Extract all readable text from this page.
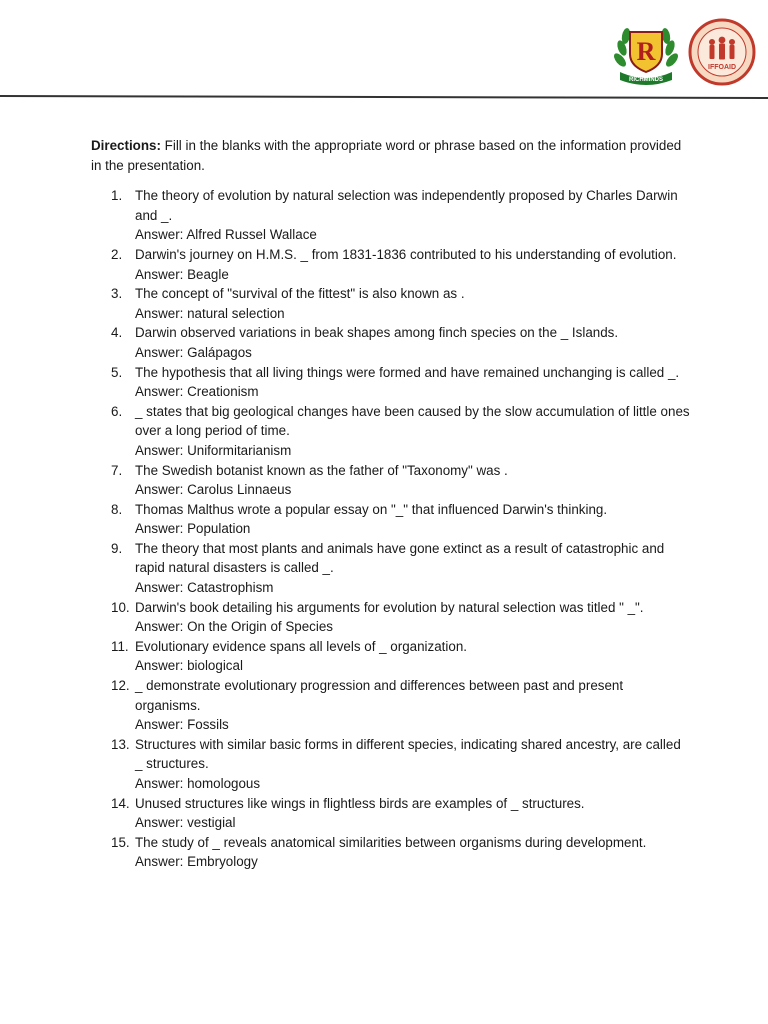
R
RICHMINDS
IFFOAID

Directions: Fill in the blanks with the appropriate word or phrase based on the information provided in the presentation.

1. The theory of evolution by natural selection was independently proposed by Charles Darwin and _.
Answer: Alfred Russel Wallace
2. Darwin's journey on H.M.S. _ from 1831-1836 contributed to his understanding of evolution.
Answer: Beagle
3. The concept of "survival of the fittest" is also known as .
Answer: natural selection
4. Darwin observed variations in beak shapes among finch species on the _ Islands.
Answer: Galápagos
5. The hypothesis that all living things were formed and have remained unchanging is called _.
Answer: Creationism
6. _ states that big geological changes have been caused by the slow accumulation of little ones over a long period of time.
Answer: Uniformitarianism
7. The Swedish botanist known as the father of "Taxonomy" was .
Answer: Carolus Linnaeus
8. Thomas Malthus wrote a popular essay on "_" that influenced Darwin's thinking.
Answer: Population
9. The theory that most plants and animals have gone extinct as a result of catastrophic and rapid natural disasters is called _.
Answer: Catastrophism
10. Darwin's book detailing his arguments for evolution by natural selection was titled " _".
Answer: On the Origin of Species
11. Evolutionary evidence spans all levels of _ organization.
Answer: biological
12. _ demonstrate evolutionary progression and differences between past and present organisms.
Answer: Fossils
13. Structures with similar basic forms in different species, indicating shared ancestry, are called _ structures.
Answer: homologous
14. Unused structures like wings in flightless birds are examples of _ structures.
Answer: vestigial
15. The study of _ reveals anatomical similarities between organisms during development.
Answer: Embryology
